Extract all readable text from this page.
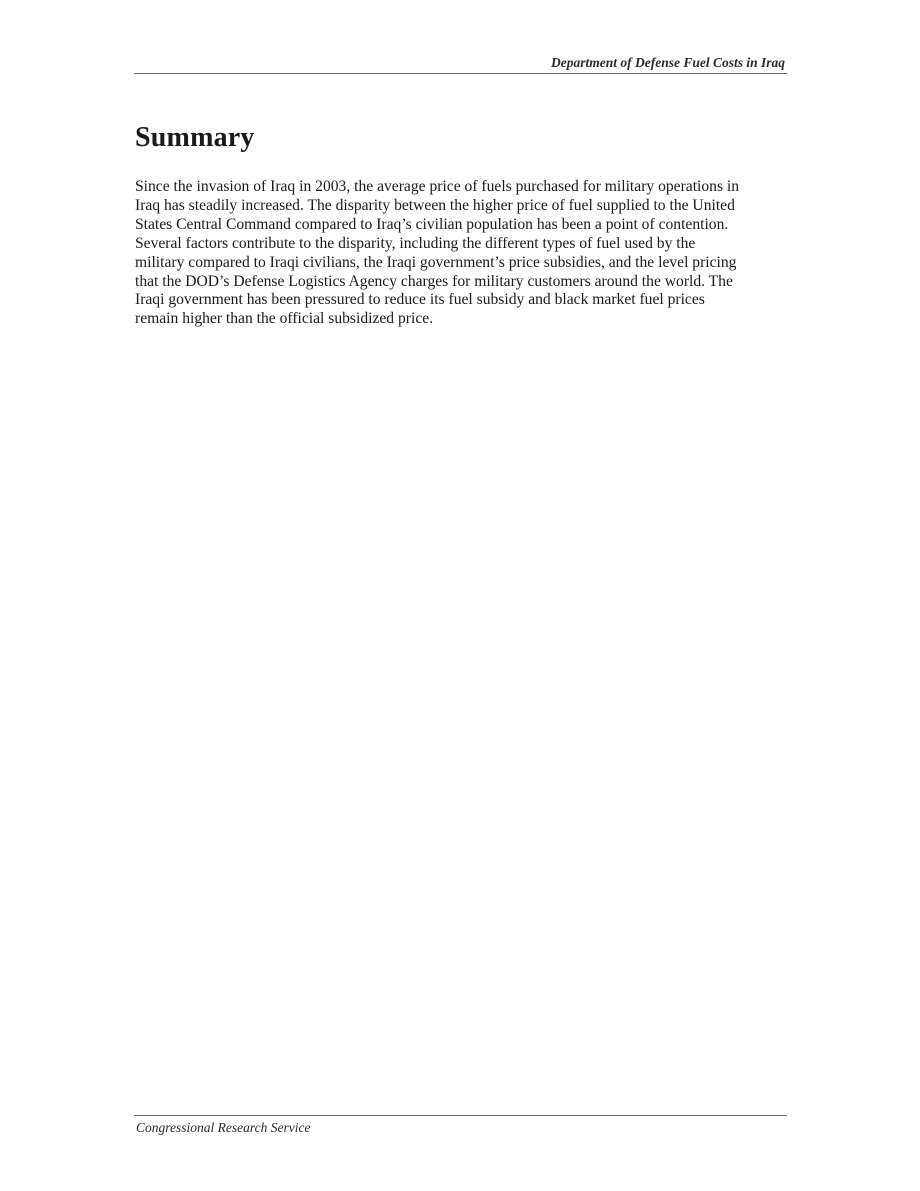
Department of Defense Fuel Costs in Iraq
Summary

Since the invasion of Iraq in 2003, the average price of fuels purchased for military operations in
Iraq has steadily increased. The disparity between the higher price of fuel supplied to the United
States Central Command compared to Iraq’s civilian population has been a point of contention.
Several factors contribute to the disparity, including the different types of fuel used by the
military compared to Iraqi civilians, the Iraqi government’s price subsidies, and the level pricing
that the DOD’s Defense Logistics Agency charges for military customers around the world. The
Iraqi government has been pressured to reduce its fuel subsidy and black market fuel prices
remain higher than the official subsidized price.

Congressional Research Service
